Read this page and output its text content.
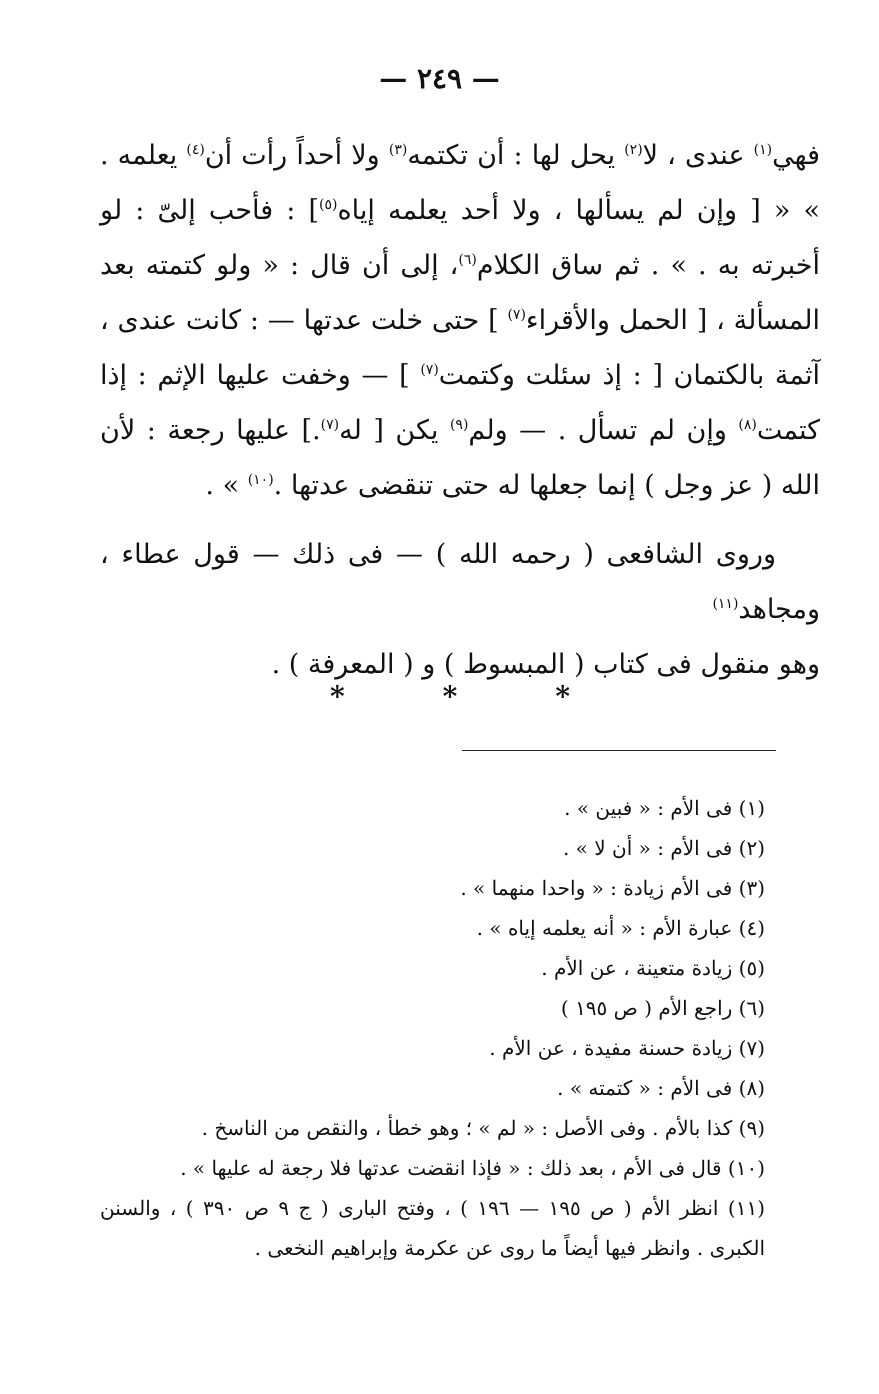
— ٢٤٩ —

فهي$^{(١)}$ عندى ، لا$^{(٢)}$ يحل لها : أن تكتمه$^{(٣)}$ ولا أحداً رأت أن$^{(٤)}$ يعلمه . » « [ وإن لم يسألها ، ولا أحد يعلمه إياه$^{(٥)}$] : فأحب إلىّ : لو أخبرته به . » . ثم ساق الكلام$^{(٦)}$، إلى أن قال : « ولو كتمته بعد المسألة ، [ الحمل والأقراء$^{(٧)}$ ] حتى خلت عدتها — : كانت عندى ، آثمة بالكتمان [ : إذ سئلت وكتمت$^{(٧)}$ ] — وخفت عليها الإثم : إذا كتمت$^{(٨)}$ وإن لم تسأل . — ولم$^{(٩)}$ يكن [ له$^{(٧)}$.] عليها رجعة : لأن الله ( عز وجل ) إنما جعلها له حتى تنقضى عدتها .$^{(١٠)}$ » .

وروى الشافعى ( رحمه الله ) — فى ذلك — قول عطاء ، ومجاهد$^{(١١)}$
وهو منقول فى كتاب ( المبسوط ) و ( المعرفة ) .

*	*	*
(١) فى الأم : « فبين » .
(٢) فى الأم : « أن لا » .
(٣) فى الأم زيادة : « واحدا منهما » .
(٤) عبارة الأم : « أنه يعلمه إياه » .
(٥) زيادة متعينة ، عن الأم .
(٦) راجع الأم ( ص ١٩٥ )
(٧) زيادة حسنة مفيدة ، عن الأم .
(٨) فى الأم : « كتمته » .
(٩) كذا بالأم . وفى الأصل : « لم » ؛ وهو خطأ ، والنقص من الناسخ .
(١٠) قال فى الأم ، بعد ذلك : « فإذا انقضت عدتها فلا رجعة له عليها » .
(١١) انظر الأم ( ص ١٩٥ — ١٩٦ ) ، وفتح البارى ( ج ٩ ص ٣٩٠ ) ، والسنن الكبرى . وانظر فيها أيضاً ما روى عن عكرمة وإبراهيم النخعى .
